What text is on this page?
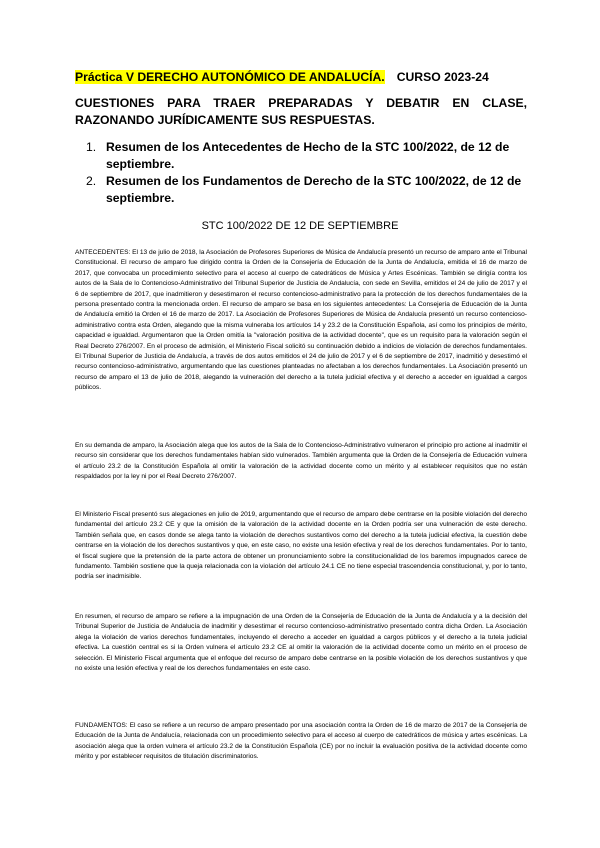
Práctica V DERECHO AUTONÓMICO DE ANDALUCÍA. CURSO 2023-24
CUESTIONES PARA TRAER PREPARADAS Y DEBATIR EN CLASE, RAZONANDO JURÍDICAMENTE SUS RESPUESTAS.
1. Resumen de los Antecedentes de Hecho de la STC 100/2022, de 12 de septiembre.
2. Resumen de los Fundamentos de Derecho de la STC 100/2022, de 12 de septiembre.
STC 100/2022 DE 12 DE SEPTIEMBRE
ANTECEDENTES: El 13 de julio de 2018, la Asociación de Profesores Superiores de Música de Andalucía presentó un recurso de amparo ante el Tribunal Constitucional. El recurso de amparo fue dirigido contra la Orden de la Consejería de Educación de la Junta de Andalucía, emitida el 16 de marzo de 2017, que convocaba un procedimiento selectivo para el acceso al cuerpo de catedráticos de Música y Artes Escénicas. También se dirigía contra los autos de la Sala de lo Contencioso-Administrativo del Tribunal Superior de Justicia de Andalucía, con sede en Sevilla, emitidos el 24 de julio de 2017 y el 6 de septiembre de 2017, que inadmitieron y desestimaron el recurso contencioso-administrativo para la protección de los derechos fundamentales de la persona presentado contra la mencionada orden. El recurso de amparo se basa en los siguientes antecedentes: La Consejería de Educación de la Junta de Andalucía emitió la Orden el 16 de marzo de 2017. La Asociación de Profesores Superiores de Música de Andalucía presentó un recurso contencioso-administrativo contra esta Orden, alegando que la misma vulneraba los artículos 14 y 23.2 de la Constitución Española, así como los principios de mérito, capacidad e igualdad. Argumentaron que la Orden omitía la "valoración positiva de la actividad docente", que es un requisito para la valoración según el Real Decreto 276/2007. En el proceso de admisión, el Ministerio Fiscal solicitó su continuación debido a indicios de violación de derechos fundamentales. El Tribunal Superior de Justicia de Andalucía, a través de dos autos emitidos el 24 de julio de 2017 y el 6 de septiembre de 2017, inadmitió y desestimó el recurso contencioso-administrativo, argumentando que las cuestiones planteadas no afectaban a los derechos fundamentales. La Asociación presentó un recurso de amparo el 13 de julio de 2018, alegando la vulneración del derecho a la tutela judicial efectiva y el derecho a acceder en igualdad a cargos públicos.
En su demanda de amparo, la Asociación alega que los autos de la Sala de lo Contencioso-Administrativo vulneraron el principio pro actione al inadmitir el recurso sin considerar que los derechos fundamentales habían sido vulnerados. También argumenta que la Orden de la Consejería de Educación vulnera el artículo 23.2 de la Constitución Española al omitir la valoración de la actividad docente como un mérito y al establecer requisitos que no están respaldados por la ley ni por el Real Decreto 276/2007.
El Ministerio Fiscal presentó sus alegaciones en julio de 2019, argumentando que el recurso de amparo debe centrarse en la posible violación del derecho fundamental del artículo 23.2 CE y que la omisión de la valoración de la actividad docente en la Orden podría ser una vulneración de este derecho. También señala que, en casos donde se alega tanto la violación de derechos sustantivos como del derecho a la tutela judicial efectiva, la cuestión debe centrarse en la violación de los derechos sustantivos y que, en este caso, no existe una lesión efectiva y real de los derechos fundamentales. Por lo tanto, el fiscal sugiere que la pretensión de la parte actora de obtener un pronunciamiento sobre la constitucionalidad de los baremos impugnados carece de fundamento. También sostiene que la queja relacionada con la violación del artículo 24.1 CE no tiene especial trascendencia constitucional, y, por lo tanto, podría ser inadmisible.
En resumen, el recurso de amparo se refiere a la impugnación de una Orden de la Consejería de Educación de la Junta de Andalucía y a la decisión del Tribunal Superior de Justicia de Andalucía de inadmitir y desestimar el recurso contencioso-administrativo presentado contra dicha Orden. La Asociación alega la violación de varios derechos fundamentales, incluyendo el derecho a acceder en igualdad a cargos públicos y el derecho a la tutela judicial efectiva. La cuestión central es si la Orden vulnera el artículo 23.2 CE al omitir la valoración de la actividad docente como un mérito en el proceso de selección. El Ministerio Fiscal argumenta que el enfoque del recurso de amparo debe centrarse en la posible violación de los derechos sustantivos y que no existe una lesión efectiva y real de los derechos fundamentales en este caso.
FUNDAMENTOS: El caso se refiere a un recurso de amparo presentado por una asociación contra la Orden de 16 de marzo de 2017 de la Consejería de Educación de la Junta de Andalucía, relacionada con un procedimiento selectivo para el acceso al cuerpo de catedráticos de música y artes escénicas. La asociación alega que la orden vulnera el artículo 23.2 de la Constitución Española (CE) por no incluir la evaluación positiva de la actividad docente como mérito y por establecer requisitos de titulación discriminatorios.
